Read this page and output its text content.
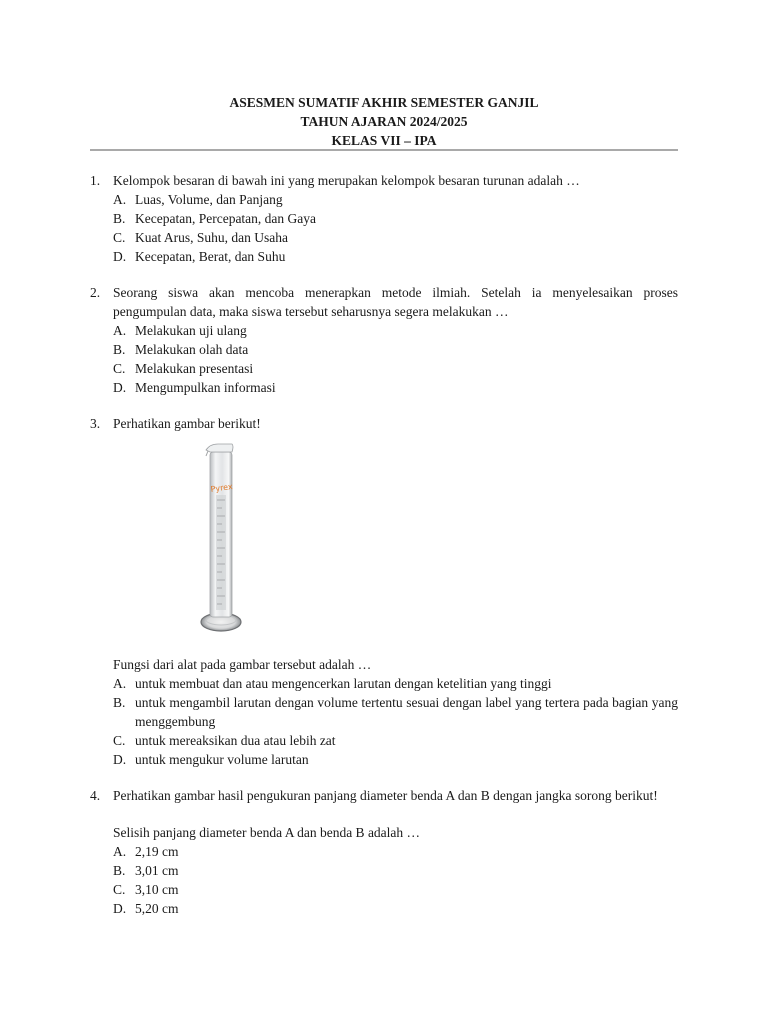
ASESMEN SUMATIF AKHIR SEMESTER GANJIL
TAHUN AJARAN 2024/2025
KELAS VII – IPA
1. Kelompok besaran di bawah ini yang merupakan kelompok besaran turunan adalah …
A. Luas, Volume, dan Panjang
B. Kecepatan, Percepatan, dan Gaya
C. Kuat Arus, Suhu, dan Usaha
D. Kecepatan, Berat, dan Suhu
2. Seorang siswa akan mencoba menerapkan metode ilmiah. Setelah ia menyelesaikan proses pengumpulan data, maka siswa tersebut seharusnya segera melakukan …
A. Melakukan uji ulang
B. Melakukan olah data
C. Melakukan presentasi
D. Mengumpulkan informasi
3. Perhatikan gambar berikut!
Pyrex
Fungsi dari alat pada gambar tersebut adalah …
A. untuk membuat dan atau mengencerkan larutan dengan ketelitian yang tinggi
B. untuk mengambil larutan dengan volume tertentu sesuai dengan label yang tertera pada bagian yang menggembung
C. untuk mereaksikan dua atau lebih zat
D. untuk mengukur volume larutan
4. Perhatikan gambar hasil pengukuran panjang diameter benda A dan B dengan jangka sorong berikut!
Selisih panjang diameter benda A dan benda B adalah …
A. 2,19 cm
B. 3,01 cm
C. 3,10 cm
D. 5,20 cm
